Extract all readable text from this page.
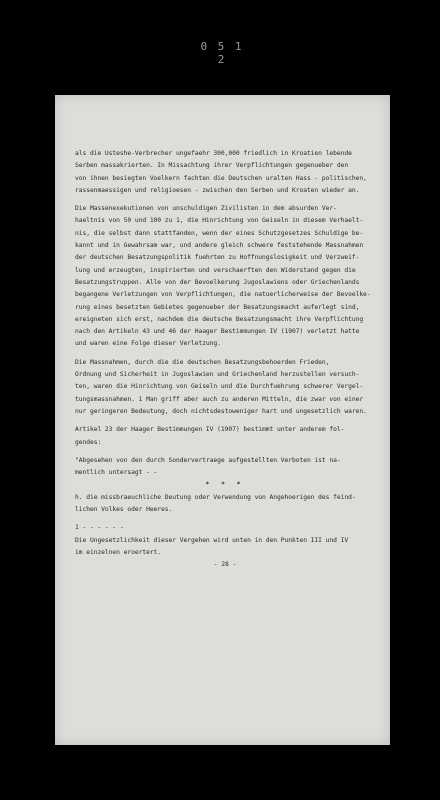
0 5 1 2
als die Usteshe-Verbrecher ungefaehr 300,000 friedlich in Kroatien lebende
Serben massakrierten. In Missachtung ihrer Verpflichtungen gegenueber den
von ihnen besiegten Voelkern fachten die Deutschen uralten Hass - politischen,
rassenmaessigen und religioesen - zwischen den Serben und Kroaten wieder an.
Die Massenexekutionen von unschuldigen Zivilisten in dem absurden Ver-
haeltnis von 50 und 100 zu 1, die Hinrichtung von Geiseln in diesem Verhaelt-
nis, die selbst dann stattfanden, wenn der eines Schutzgesetzes Schuldige be-
kannt und in Gewahrsam war, und andere gleich schwere feststehende Massnahmen
der deutschen Besatzungspolitik fuehrten zu Hoffnungslosigkeit und Verzweif-
lung und erzeugten, inspirierten und verschaerften den Widerstand gegen die
Besatzungstruppen. Alle von der Bevoelkerung Jugoslawiens oder Griechenlands
begangene Verletzungen von Verpflichtungen, die natuerlicherweise der Bevoelke-
rung eines besetzten Gebietes gegenueber der Besatzungsmacht auferlegt sind,
ereigneten sich erst, nachdem die deutsche Besatzungsmacht ihre Verpflichtung
nach den Artikeln 43 und 46 der Haager Bestimmungen IV (1907) verletzt hatte
und waren eine Folge dieser Verletzung.
Die Massnahmen, durch die die deutschen Besatzungsbehoerden Frieden,
Ordnung und Sicherheit in Jugoslawien und Griechenland herzustellen versuch-
ten, waren die Hinrichtung von Geiseln und die Durchfuehrung schwerer Vergel-
tungsmassnahmen. 1 Man griff aber auch zu anderen Mitteln, die zwar von einer
nur geringeren Bedeutung, doch nichtsdestoweniger hart und ungesetzlich waren.
Artikel 23 der Haager Bestimmungen IV (1907) bestimmt unter anderem fol-
gendes:
"Abgesehen von den durch Sondervertraege aufgestellten Verboten ist na-
mentlich untersagt - -
* * *
h. die missbraeuchliche Deutung oder Verwendung von Angehoerigen des feind-
lichen Volkes oder Heeres.
1 - - - - - -
Die Ungesetzlichkeit dieser Vergehen wird unten in den Punkten III und IV
im einzelnen eroertert.
- 28 -
